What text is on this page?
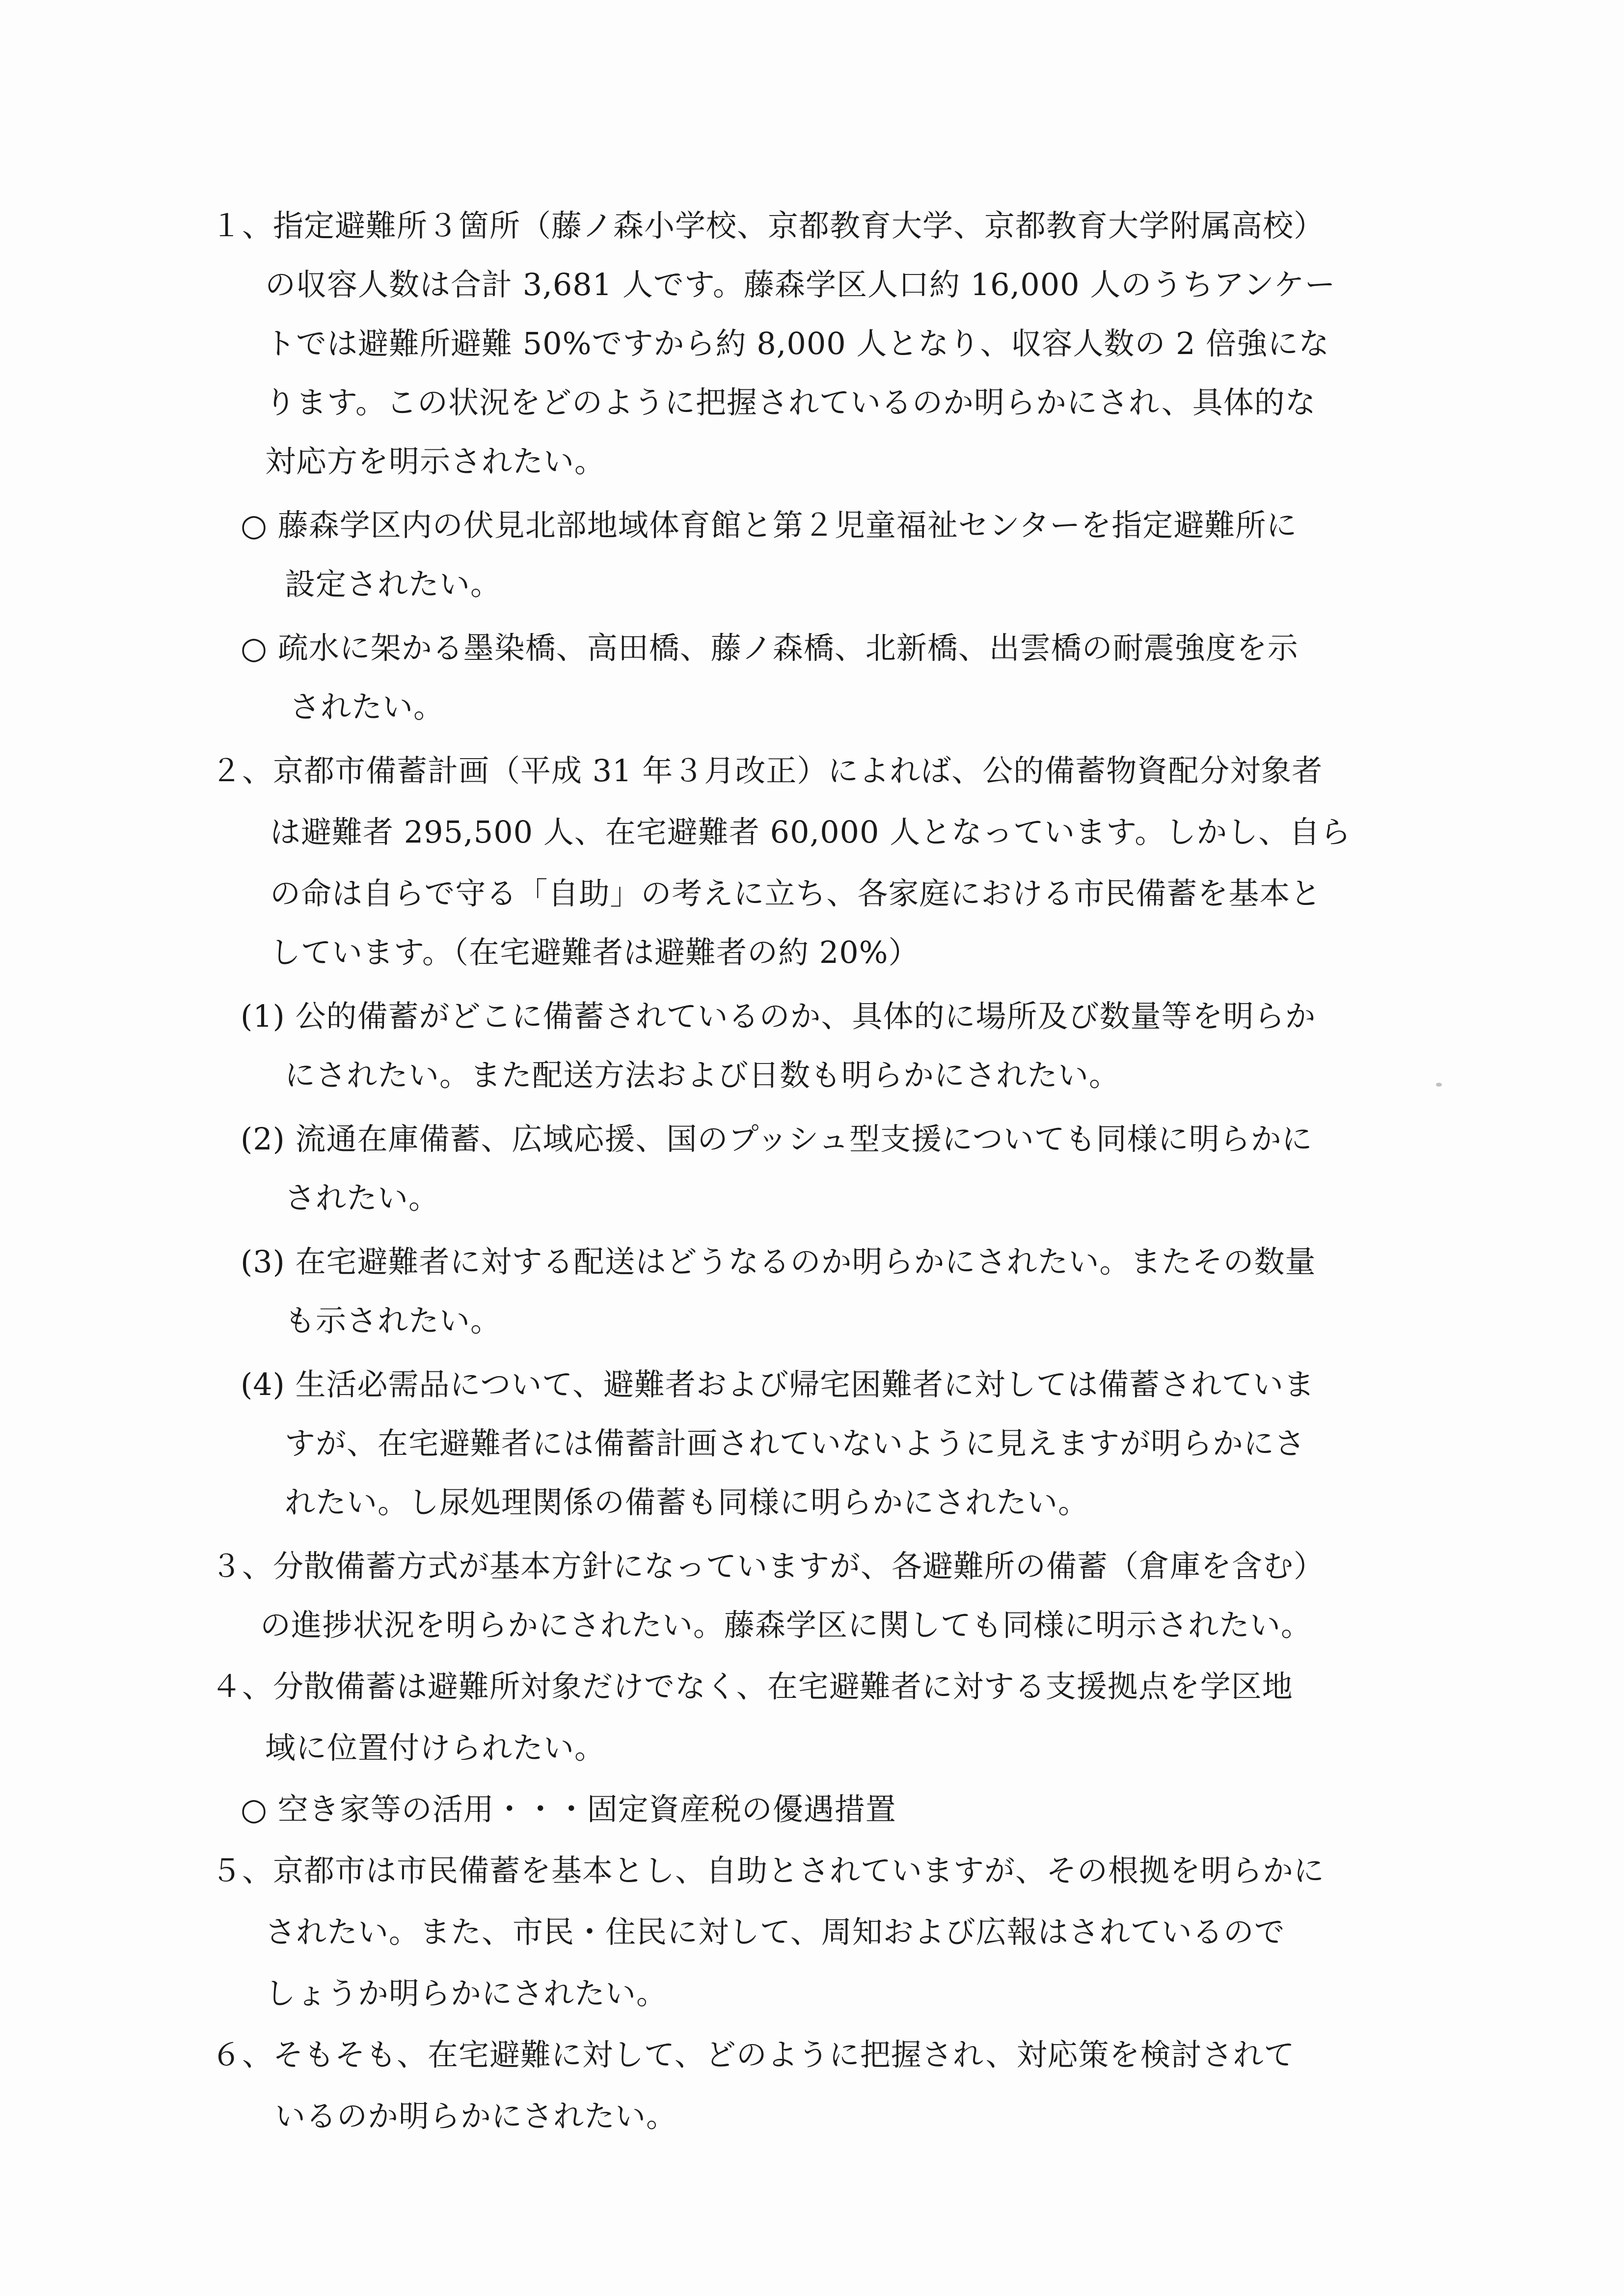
１、指定避難所３箇所（藤ノ森小学校、京都教育大学、京都教育大学附属高校）
の収容人数は合計 3,681 人です。藤森学区人口約 16,000 人のうちアンケー
トでは避難所避難 50%ですから約 8,000 人となり、収容人数の 2 倍強にな
ります。この状況をどのように把握されているのか明らかにされ、具体的な
対応方を明示されたい。
○ 藤森学区内の伏見北部地域体育館と第２児童福祉センターを指定避難所に
設定されたい。
○ 疏水に架かる墨染橋、高田橋、藤ノ森橋、北新橋、出雲橋の耐震強度を示
されたい。
２、京都市備蓄計画（平成 31 年３月改正）によれば、公的備蓄物資配分対象者
は避難者 295,500 人、在宅避難者 60,000 人となっています。しかし、自ら
の命は自らで守る「自助」の考えに立ち、各家庭における市民備蓄を基本と
しています。（在宅避難者は避難者の約 20%）
(1) 公的備蓄がどこに備蓄されているのか、具体的に場所及び数量等を明らか
にされたい。また配送方法および日数も明らかにされたい。
(2) 流通在庫備蓄、広域応援、国のプッシュ型支援についても同様に明らかに
されたい。
(3) 在宅避難者に対する配送はどうなるのか明らかにされたい。またその数量
も示されたい。
(4) 生活必需品について、避難者および帰宅困難者に対しては備蓄されていま
すが、在宅避難者には備蓄計画されていないように見えますが明らかにさ
れたい。し尿処理関係の備蓄も同様に明らかにされたい。
３、分散備蓄方式が基本方針になっていますが、各避難所の備蓄（倉庫を含む）
の進捗状況を明らかにされたい。藤森学区に関しても同様に明示されたい。
４、分散備蓄は避難所対象だけでなく、在宅避難者に対する支援拠点を学区地
域に位置付けられたい。
○ 空き家等の活用・・・固定資産税の優遇措置
５、京都市は市民備蓄を基本とし、自助とされていますが、その根拠を明らかに
されたい。また、市民・住民に対して、周知および広報はされているので
しょうか明らかにされたい。
６、そもそも、在宅避難に対して、どのように把握され、対応策を検討されて
いるのか明らかにされたい。
